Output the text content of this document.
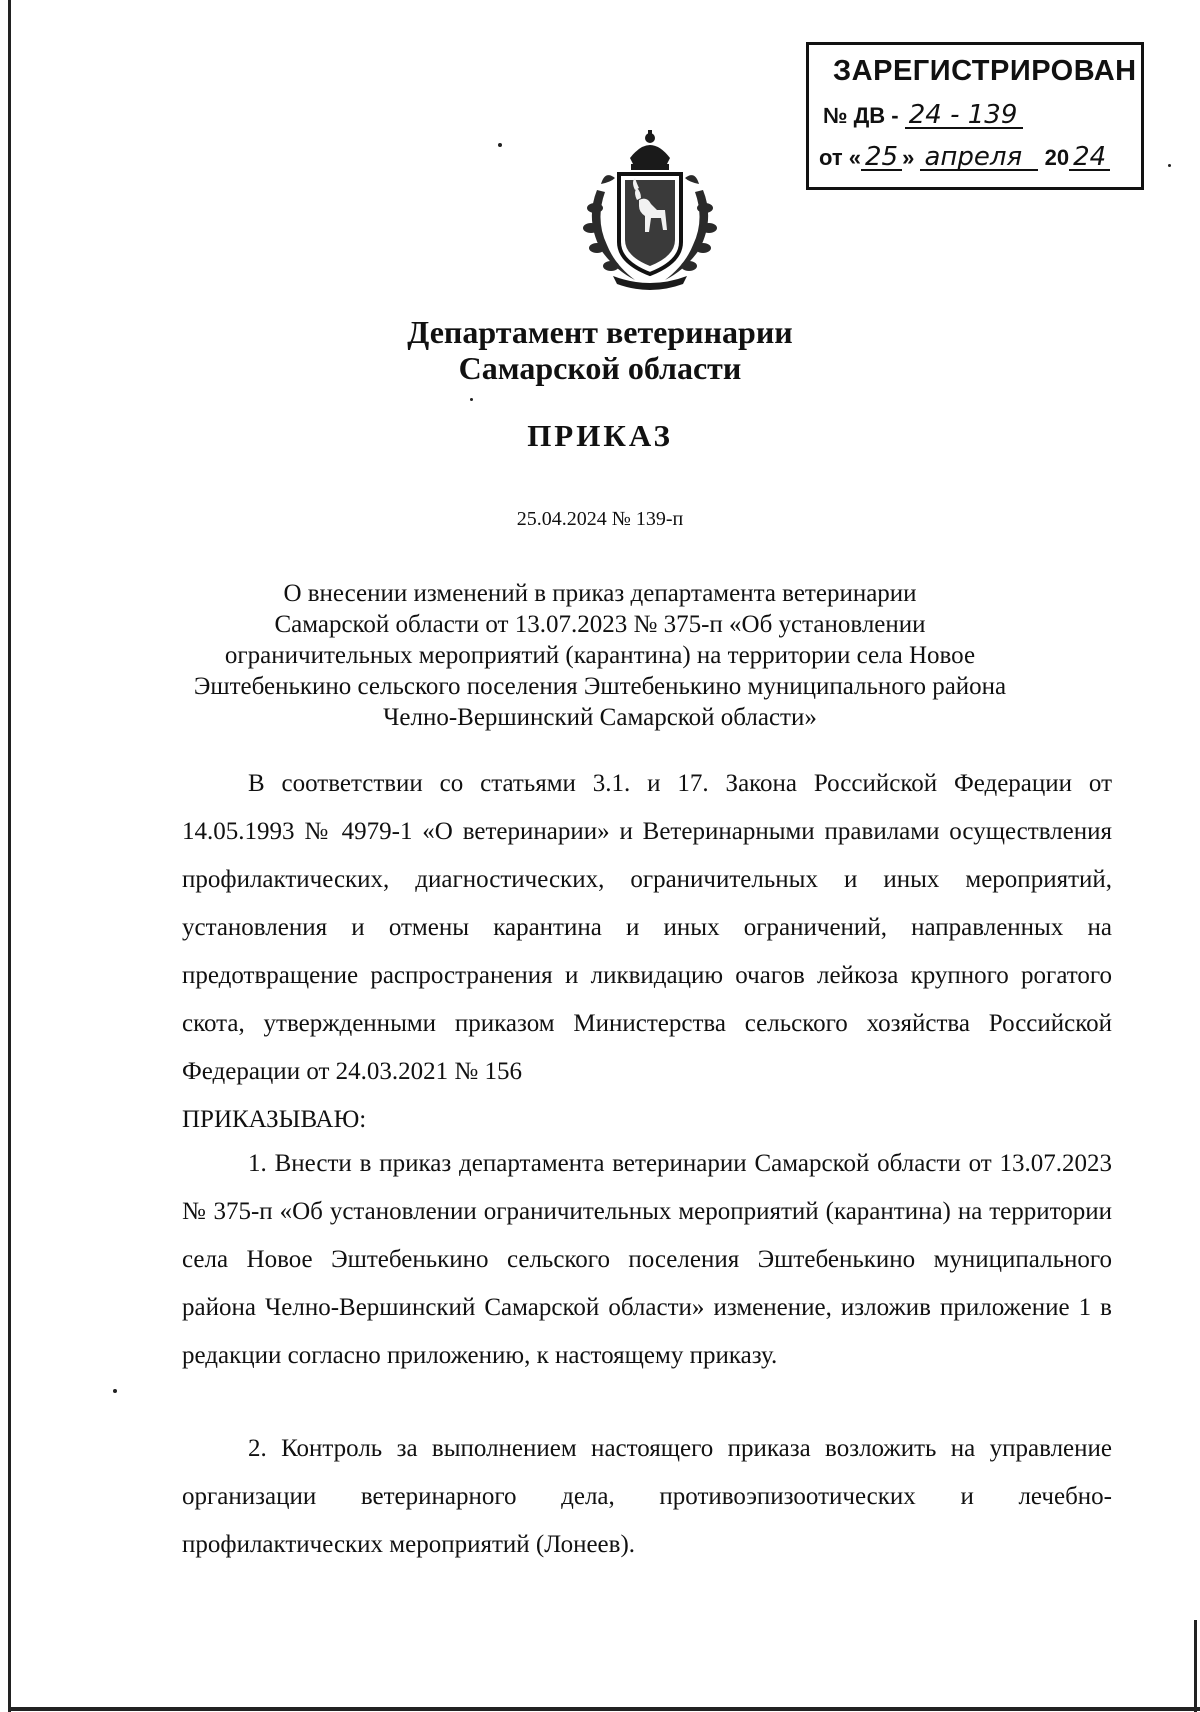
ЗАРЕГИСТРИРОВАН
№ ДВ - 24 - 139
от « 25 » апреля 20 24
Департамент ветеринарии
Самарской области
ПРИКАЗ
25.04.2024 № 139-п
О внесении изменений в приказ департамента ветеринарии
Самарской области от 13.07.2023 № 375-п «Об установлении
ограничительных мероприятий (карантина) на территории села Новое
Эштебенькино сельского поселения Эштебенькино муниципального района
Челно-Вершинский Самарской области»

В соответствии со статьями 3.1. и 17. Закона Российской Федерации от 14.05.1993 № 4979-1 «О ветеринарии» и Ветеринарными правилами осуществления профилактических, диагностических, ограничительных и иных мероприятий, установления и отмены карантина и иных ограничений, направленных на предотвращение распространения и ликвидацию очагов лейкоза крупного рогатого скота, утвержденными приказом Министерства сельского хозяйства Российской Федерации от 24.03.2021 № 156

ПРИКАЗЫВАЮ:

1. Внести в приказ департамента ветеринарии Самарской области от 13.07.2023 № 375-п «Об установлении ограничительных мероприятий (карантина) на территории села Новое Эштебенькино сельского поселения Эштебенькино муниципального района Челно-Вершинский Самарской области» изменение, изложив приложение 1 в редакции согласно приложению, к настоящему приказу.

2. Контроль за выполнением настоящего приказа возложить на управление организации ветеринарного дела, противоэпизоотических и лечебно-профилактических мероприятий (Лонеев).
